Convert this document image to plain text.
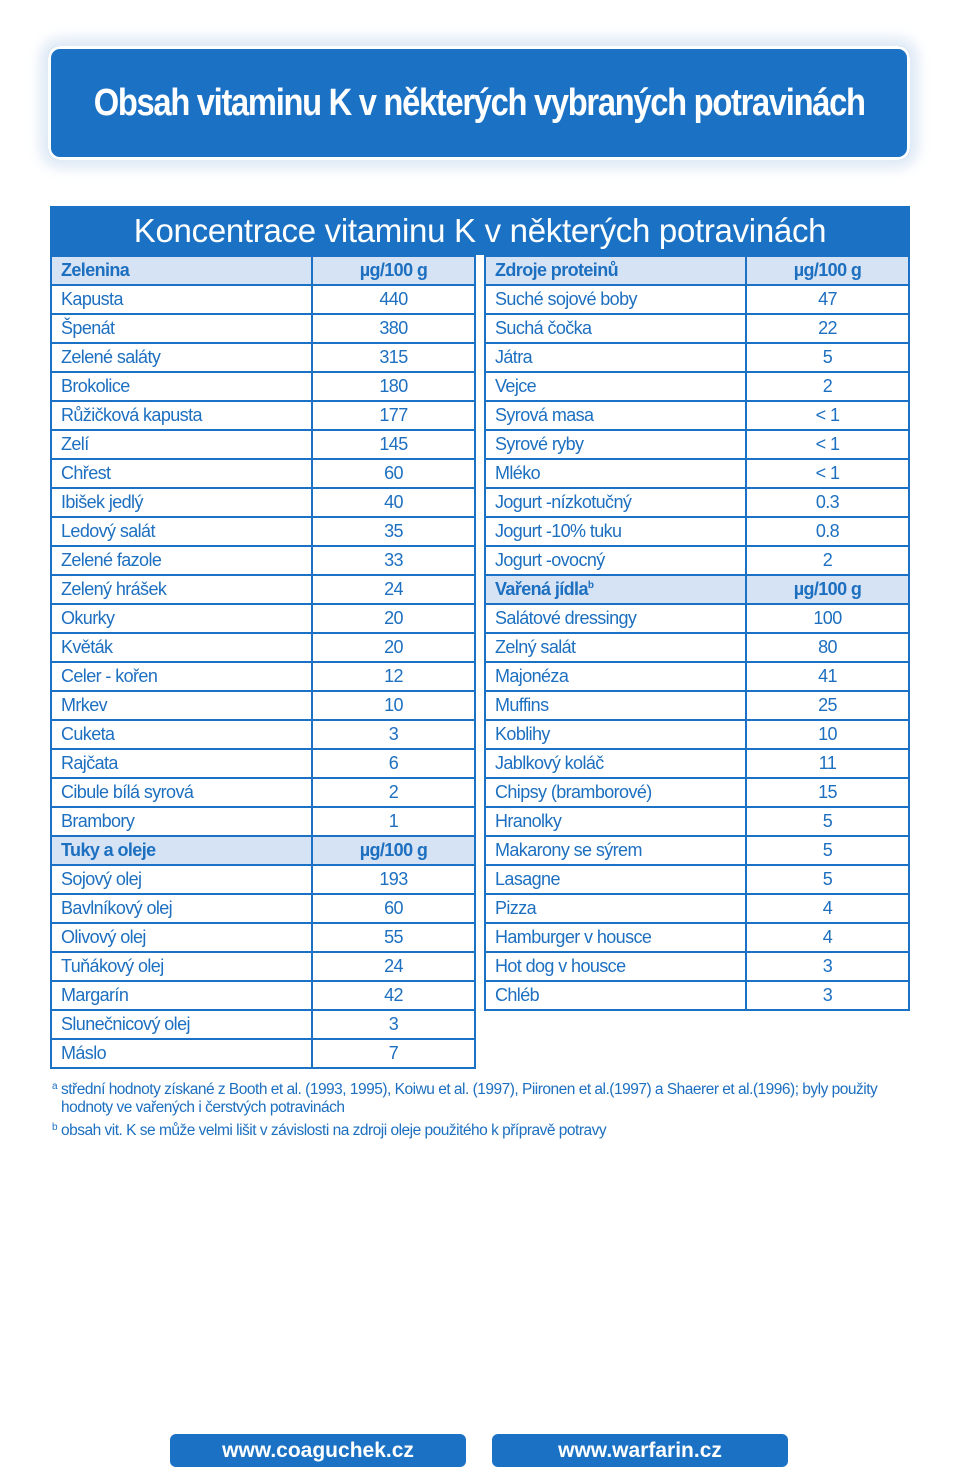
Obsah vitaminu K v některých vybraných potravinách
Koncentrace vitaminu K v některých potravinách
Zelenina	µg/100 g
Kapusta	440
Špenát	380
Zelené saláty	315
Brokolice	180
Růžičková kapusta	177
Zelí	145
Chřest	60
Ibišek jedlý	40
Ledový salát	35
Zelené fazole	33
Zelený hrášek	24
Okurky	20
Květák	20
Celer - kořen	12
Mrkev	10
Cuketa	3
Rajčata	6
Cibule bílá syrová	2
Brambory	1
Tuky a oleje	µg/100 g
Sojový olej	193
Bavlníkový olej	60
Olivový olej	55
Tuňákový olej	24
Margarín	42
Slunečnicový olej	3
Máslo	7
Zdroje proteinů	µg/100 g
Suché sojové boby	47
Suchá čočka	22
Játra	5
Vejce	2
Syrová masa	< 1
Syrové ryby	< 1
Mléko	< 1
Jogurt -nízkotučný	0.3
Jogurt -10% tuku	0.8
Jogurt -ovocný	2
Vařená jídla$^b$	µg/100 g
Salátové dressingy	100
Zelný salát	80
Majonéza	41
Muffins	25
Koblihy	10
Jablkový koláč	11
Chipsy (bramborové)	15
Hranolky	5
Makarony se sýrem	5
Lasagne	5
Pizza	4
Hamburger v housce	4
Hot dog v housce	3
Chléb	3
a střední hodnoty získané z Booth et al. (1993, 1995), Koiwu et al. (1997), Piironen et al.(1997) a Shaerer et al.(1996); byly použity hodnoty ve vařených i čerstvých potravinách
b obsah vit. K se může velmi lišit v závislosti na zdroji oleje použitého k přípravě potravy
www.coaguchek.cz	www.warfarin.cz
